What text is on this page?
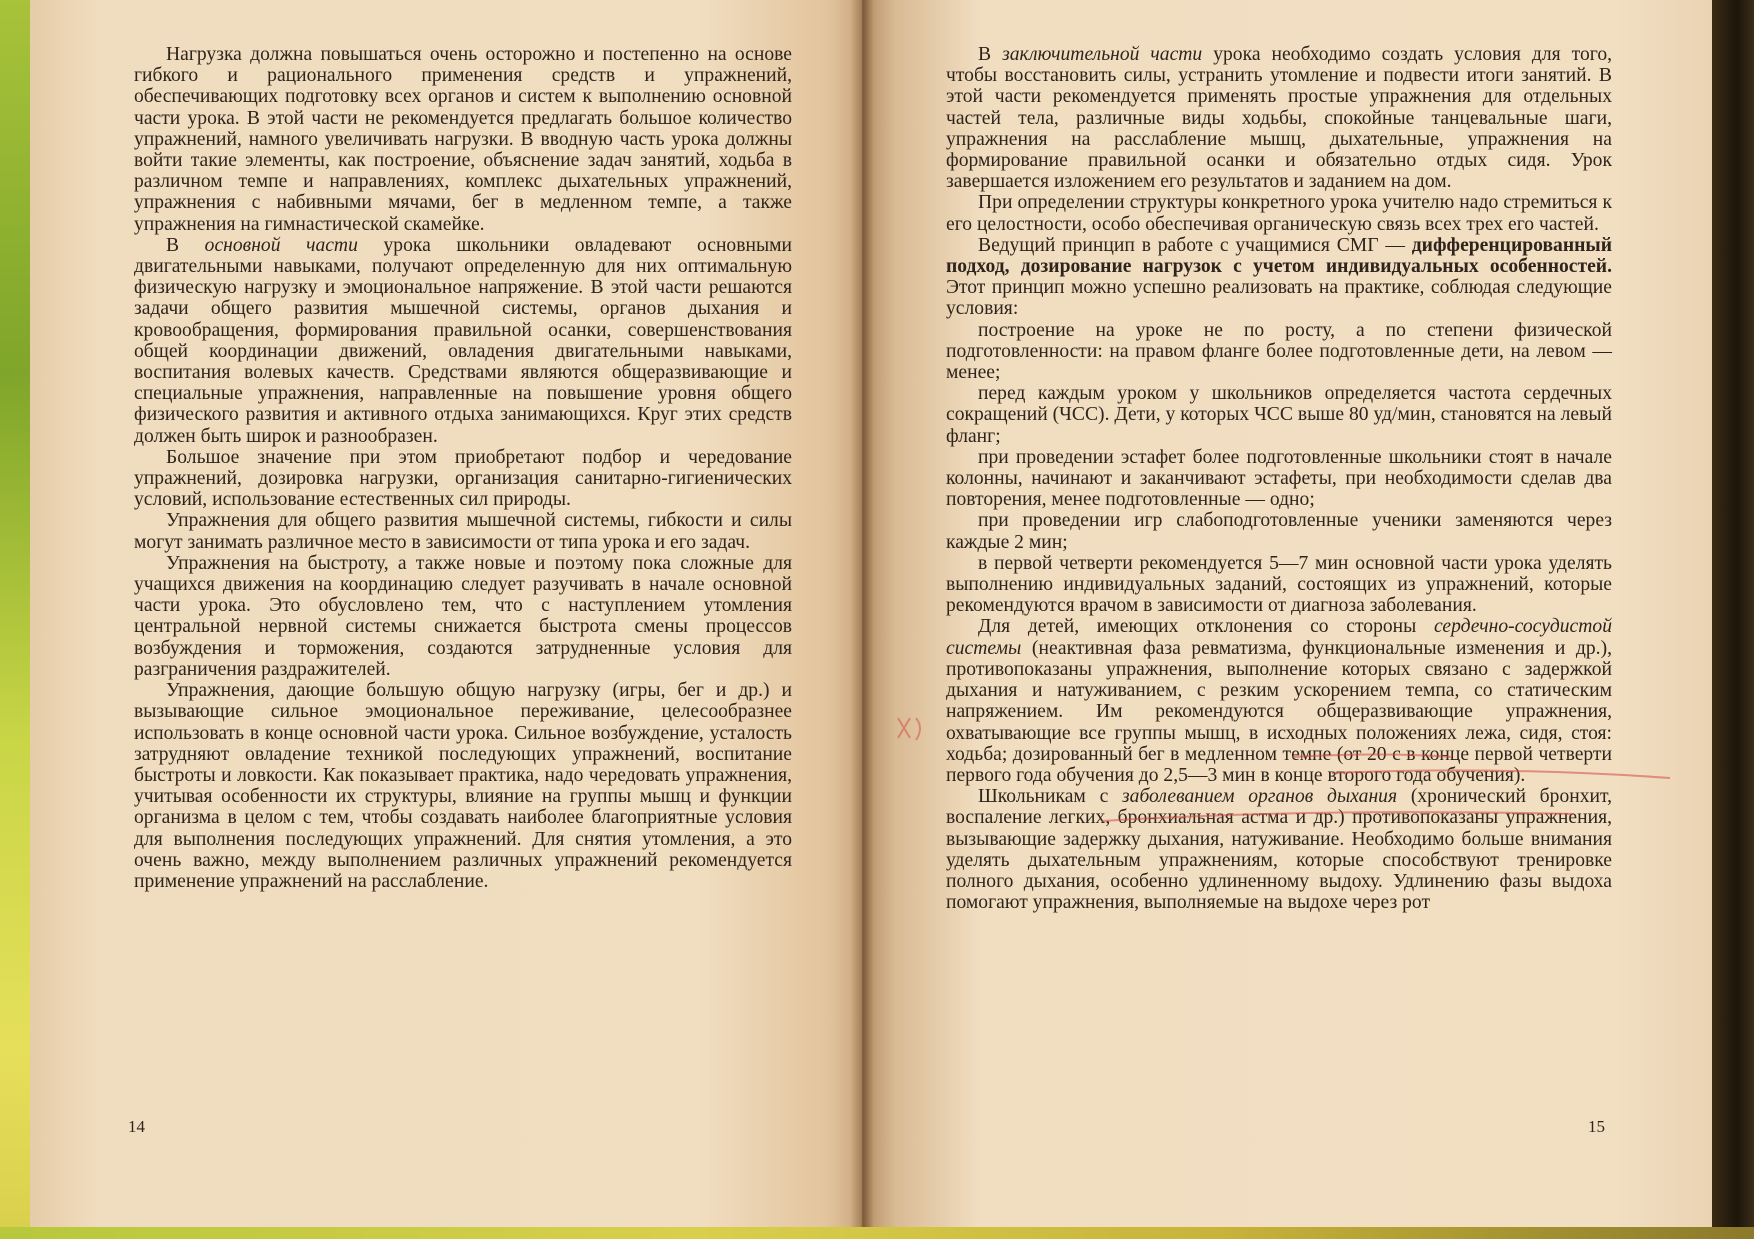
Нагрузка должна повышаться очень осторожно и постепенно на основе гибкого и рационального применения средств и упражнений, обеспечивающих подготовку всех органов и систем к выполнению основной части урока. В этой части не рекомендуется предлагать большое количество упражнений, намного увеличивать нагрузки. В вводную часть урока должны войти такие элементы, как построение, объяснение задач занятий, ходьба в различном темпе и направлениях, комплекс дыхательных упражнений, упражнения с набивными мячами, бег в медленном темпе, а также упражнения на гимнастической скамейке.

В основной части урока школьники овладевают основными двигательными навыками, получают определенную для них оптимальную физическую нагрузку и эмоциональное напряжение. В этой части решаются задачи общего развития мышечной системы, органов дыхания и кровообращения, формирования правильной осанки, совершенствования общей координации движений, овладения двигательными навыками, воспитания волевых качеств. Средствами являются общеразвивающие и специальные упражнения, направленные на повышение уровня общего физического развития и активного отдыха занимающихся. Круг этих средств должен быть широк и разнообразен.

Большое значение при этом приобретают подбор и чередование упражнений, дозировка нагрузки, организация санитарно-гигиенических условий, использование естественных сил природы.

Упражнения для общего развития мышечной системы, гибкости и силы могут занимать различное место в зависимости от типа урока и его задач.

Упражнения на быстроту, а также новые и поэтому пока сложные для учащихся движения на координацию следует разучивать в начале основной части урока. Это обусловлено тем, что с наступлением утомления центральной нервной системы снижается быстрота смены процессов возбуждения и торможения, создаются затрудненные условия для разграничения раздражителей.

Упражнения, дающие большую общую нагрузку (игры, бег и др.) и вызывающие сильное эмоциональное переживание, целесообразнее использовать в конце основной части урока. Сильное возбуждение, усталость затрудняют овладение техникой последующих упражнений, воспитание быстроты и ловкости. Как показывает практика, надо чередовать упражнения, учитывая особенности их структуры, влияние на группы мышц и функции организма в целом с тем, чтобы создавать наиболее благоприятные условия для выполнения последующих упражнений. Для снятия утомления, а это очень важно, между выполнением различных упражнений рекомендуется применение упражнений на расслабление.

14

В заключительной части урока необходимо создать условия для того, чтобы восстановить силы, устранить утомление и подвести итоги занятий. В этой части рекомендуется применять простые упражнения для отдельных частей тела, различные виды ходьбы, спокойные танцевальные шаги, упражнения на расслабление мышц, дыхательные, упражнения на формирование правильной осанки и обязательно отдых сидя. Урок завершается изложением его результатов и заданием на дом.

При определении структуры конкретного урока учителю надо стремиться к его целостности, особо обеспечивая органическую связь всех трех его частей.

Ведущий принцип в работе с учащимися СМГ — дифференцированный подход, дозирование нагрузок с учетом индивидуальных особенностей. Этот принцип можно успешно реализовать на практике, соблюдая следующие условия:

построение на уроке не по росту, а по степени физической подготовленности: на правом фланге более подготовленные дети, на левом — менее;

перед каждым уроком у школьников определяется частота сердечных сокращений (ЧСС). Дети, у которых ЧСС выше 80 уд/мин, становятся на левый фланг;

при проведении эстафет более подготовленные школьники стоят в начале колонны, начинают и заканчивают эстафеты, при необходимости сделав два повторения, менее подготовленные — одно;

при проведении игр слабоподготовленные ученики заменяются через каждые 2 мин;

в первой четверти рекомендуется 5—7 мин основной части урока уделять выполнению индивидуальных заданий, состоящих из упражнений, которые рекомендуются врачом в зависимости от диагноза заболевания.

Для детей, имеющих отклонения со стороны сердечно-сосудистой системы (неактивная фаза ревматизма, функциональные изменения и др.), противопоказаны упражнения, выполнение которых связано с задержкой дыхания и натуживанием, с резким ускорением темпа, со статическим напряжением. Им рекомендуются общеразвивающие упражнения, охватывающие все группы мышц, в исходных положениях лежа, сидя, стоя: ходьба; дозированный бег в медленном темпе (от 20 с в конце первой четверти первого года обучения до 2,5—3 мин в конце второго года обучения).

Школьникам с заболеванием органов дыхания (хронический бронхит, воспаление легких, бронхиальная астма и др.) противопоказаны упражнения, вызывающие задержку дыхания, натуживание. Необходимо больше внимания уделять дыхательным упражнениям, которые способствуют тренировке полного дыхания, особенно удлиненному выдоху. Удлинению фазы выдоха помогают упражнения, выполняемые на выдохе через рот

15
